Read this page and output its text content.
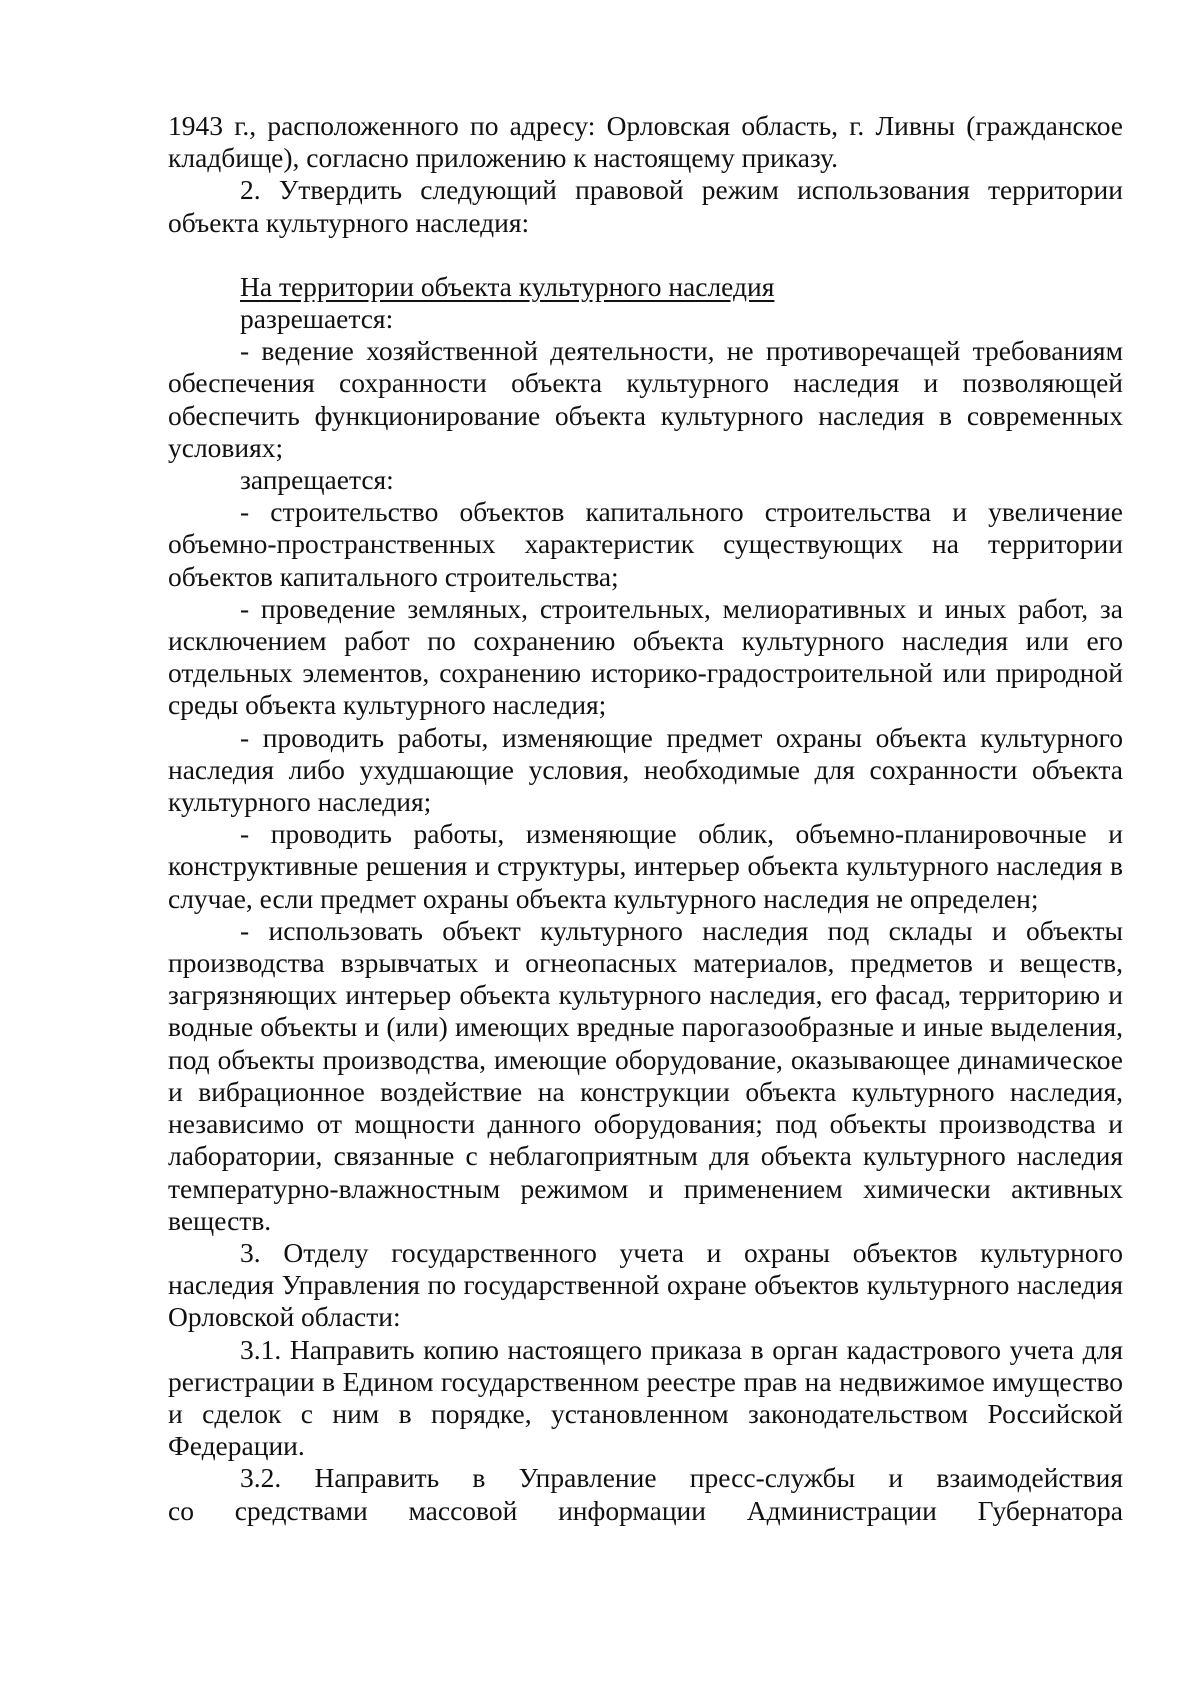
1943 г., расположенного по адресу: Орловская область, г. Ливны (гражданское кладбище), согласно приложению к настоящему приказу.

2. Утвердить следующий правовой режим использования территории объекта культурного наследия:

На территории объекта культурного наследия

разрешается:

- ведение хозяйственной деятельности, не противоречащей требованиям обеспечения сохранности объекта культурного наследия и позволяющей обеспечить функционирование объекта культурного наследия в современных условиях;

запрещается:

- строительство объектов капитального строительства и увеличение объемно-пространственных характеристик существующих на территории объектов капитального строительства;

- проведение земляных, строительных, мелиоративных и иных работ, за исключением работ по сохранению объекта культурного наследия или его отдельных элементов, сохранению историко-градостроительной или природной среды объекта культурного наследия;

- проводить работы, изменяющие предмет охраны объекта культурного наследия либо ухудшающие условия, необходимые для сохранности объекта культурного наследия;

- проводить работы, изменяющие облик, объемно-планировочные и конструктивные решения и структуры, интерьер объекта культурного наследия в случае, если предмет охраны объекта культурного наследия не определен;

- использовать объект культурного наследия под склады и объекты производства взрывчатых и огнеопасных материалов, предметов и веществ, загрязняющих интерьер объекта культурного наследия, его фасад, территорию и водные объекты и (или) имеющих вредные парогазообразные и иные выделения, под объекты производства, имеющие оборудование, оказывающее динамическое и вибрационное воздействие на конструкции объекта культурного наследия, независимо от мощности данного оборудования; под объекты производства и лаборатории, связанные с неблагоприятным для объекта культурного наследия температурно-влажностным режимом и применением химически активных веществ.

3. Отделу государственного учета и охраны объектов культурного наследия Управления по государственной охране объектов культурного наследия Орловской области:

3.1. Направить копию настоящего приказа в орган кадастрового учета для регистрации в Едином государственном реестре прав на недвижимое имущество и сделок с ним в порядке, установленном законодательством Российской Федерации.

3.2. Направить в Управление пресс-службы и взаимодействия

со средствами массовой информации Администрации Губернатора
